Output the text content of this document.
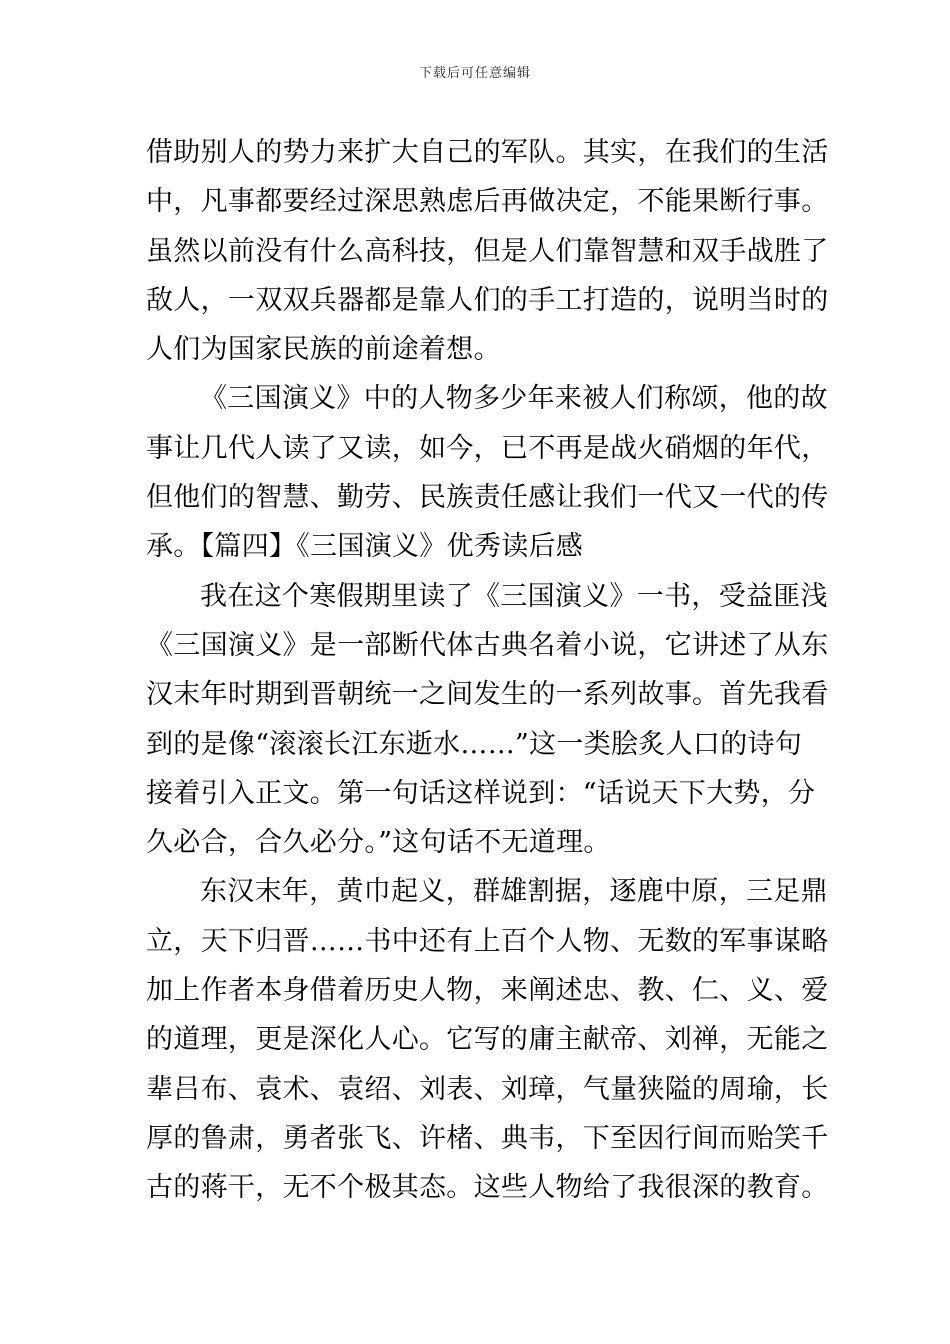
下载后可任意编辑
借助别人的势力来扩大自己的军队。其实，在我们的生活
中，凡事都要经过深思熟虑后再做决定，不能果断行事。
虽然以前没有什么高科技，但是人们靠智慧和双手战胜了
敌人，一双双兵器都是靠人们的手工打造的，说明当时的
人们为国家民族的前途着想。
《三国演义》中的人物多少年来被人们称颂，他的故
事让几代人读了又读，如今，已不再是战火硝烟的年代，
但他们的智慧、勤劳、民族责任感让我们一代又一代的传
承。【篇四】《三国演义》优秀读后感
我在这个寒假期里读了《三国演义》一书，受益匪浅
《三国演义》是一部断代体古典名着小说，它讲述了从东
汉末年时期到晋朝统一之间发生的一系列故事。首先我看
到的是像“滚滚长江东逝水……”这一类脍炙人口的诗句
接着引入正文。第一句话这样说到：“话说天下大势，分
久必合，合久必分。”这句话不无道理。
东汉末年，黄巾起义，群雄割据，逐鹿中原，三足鼎
立，天下归晋……书中还有上百个人物、无数的军事谋略
加上作者本身借着历史人物，来阐述忠、教、仁、义、爱
的道理，更是深化人心。它写的庸主献帝、刘禅，无能之
辈吕布、袁术、袁绍、刘表、刘璋，气量狭隘的周瑜，长
厚的鲁肃，勇者张飞、许楮、典韦，下至因行间而贻笑千
古的蒋干，无不个极其态。这些人物给了我很深的教育。
